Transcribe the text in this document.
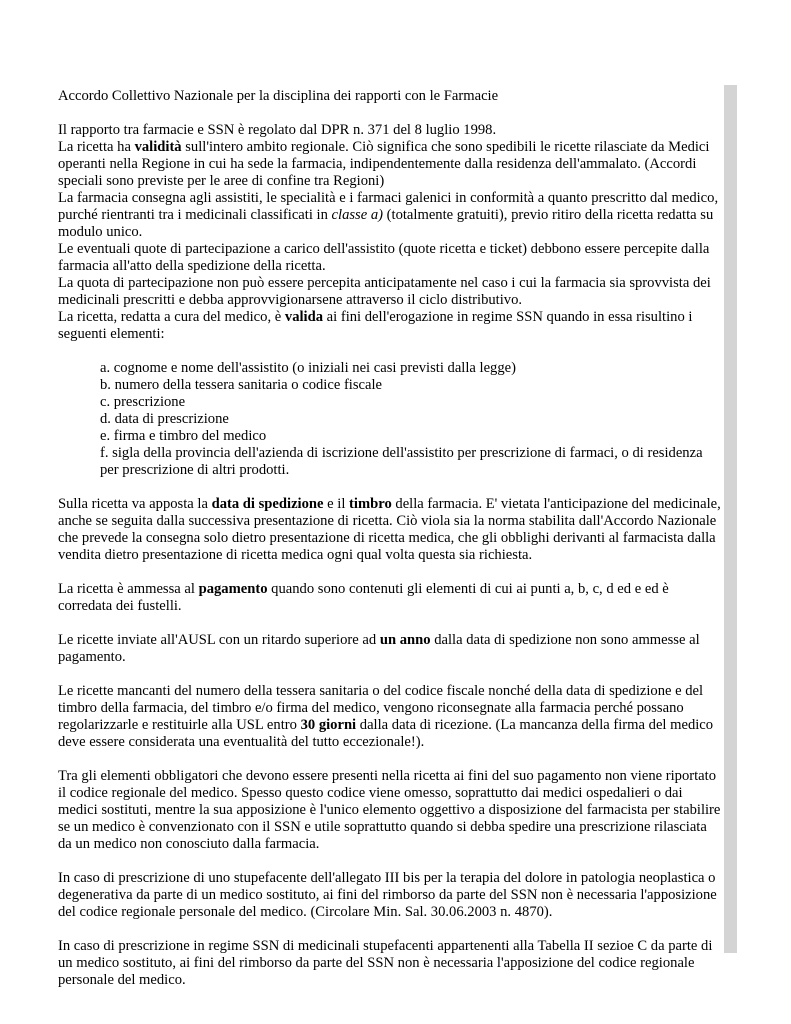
Accordo Collettivo Nazionale per la disciplina dei rapporti con le Farmacie

Il rapporto tra farmacie e SSN è regolato dal DPR n. 371 del 8 luglio 1998.
La ricetta ha validità sull'intero ambito regionale. Ciò significa che sono spedibili le ricette rilasciate da Medici operanti nella Regione in cui ha sede la farmacia, indipendentemente dalla residenza dell'ammalato. (Accordi speciali sono previste per le aree di confine tra Regioni)
La farmacia consegna agli assistiti, le specialità e i farmaci galenici in conformità a quanto prescritto dal medico, purché rientranti tra i medicinali classificati in classe a) (totalmente gratuiti), previo ritiro della ricetta redatta su modulo unico.
Le eventuali quote di partecipazione a carico dell'assistito (quote ricetta e ticket) debbono essere percepite dalla farmacia all'atto della spedizione della ricetta.
La quota di partecipazione non può essere percepita anticipatamente nel caso i cui la farmacia sia sprovvista dei medicinali prescritti e debba approvvigionarsene attraverso il ciclo distributivo.
La ricetta, redatta a cura del medico, è valida ai fini dell'erogazione in regime SSN quando in essa risultino i seguenti elementi:

a. cognome e nome dell'assistito (o iniziali nei casi previsti dalla legge)
b. numero della tessera sanitaria o codice fiscale
c. prescrizione
d. data di prescrizione
e. firma e timbro del medico
f. sigla della provincia dell'azienda di iscrizione dell'assistito per prescrizione di farmaci, o di residenza per prescrizione di altri prodotti.

Sulla ricetta va apposta la data di spedizione e il timbro della farmacia. E' vietata l'anticipazione del medicinale, anche se seguita dalla successiva presentazione di ricetta. Ciò viola sia la norma stabilita dall'Accordo Nazionale che prevede la consegna solo dietro presentazione di ricetta medica, che gli obblighi derivanti al farmacista dalla vendita dietro presentazione di ricetta medica ogni qual volta questa sia richiesta.

La ricetta è ammessa al pagamento quando sono contenuti gli elementi di cui ai punti a, b, c, d ed e ed è corredata dei fustelli.

Le ricette inviate all'AUSL con un ritardo superiore ad un anno dalla data di spedizione non sono ammesse al pagamento.

Le ricette mancanti del numero della tessera sanitaria o del codice fiscale nonché della data di spedizione e del timbro della farmacia, del timbro e/o firma del medico, vengono riconsegnate alla farmacia perché possano regolarizzarle e restituirle alla USL entro 30 giorni dalla data di ricezione. (La mancanza della firma del medico deve essere considerata una eventualità del tutto eccezionale!).

Tra gli elementi obbligatori che devono essere presenti nella ricetta ai fini del suo pagamento non viene riportato il codice regionale del medico. Spesso questo codice viene omesso, soprattutto dai medici ospedalieri o dai medici sostituti, mentre la sua apposizione è l'unico elemento oggettivo a disposizione del farmacista per stabilire se un medico è convenzionato con il SSN e utile soprattutto quando si debba spedire una prescrizione rilasciata da un medico non conosciuto dalla farmacia.

In caso di prescrizione di uno stupefacente dell'allegato III bis per la terapia del dolore in patologia neoplastica o degenerativa da parte di un medico sostituto, ai fini del rimborso da parte del SSN non è necessaria l'apposizione del codice regionale personale del medico. (Circolare Min. Sal. 30.06.2003 n. 4870).

In caso di prescrizione in regime SSN di medicinali stupefacenti appartenenti alla Tabella II sezioe C da parte di un medico sostituto, ai fini del rimborso da parte del SSN non è necessaria l'apposizione del codice regionale personale del medico.
